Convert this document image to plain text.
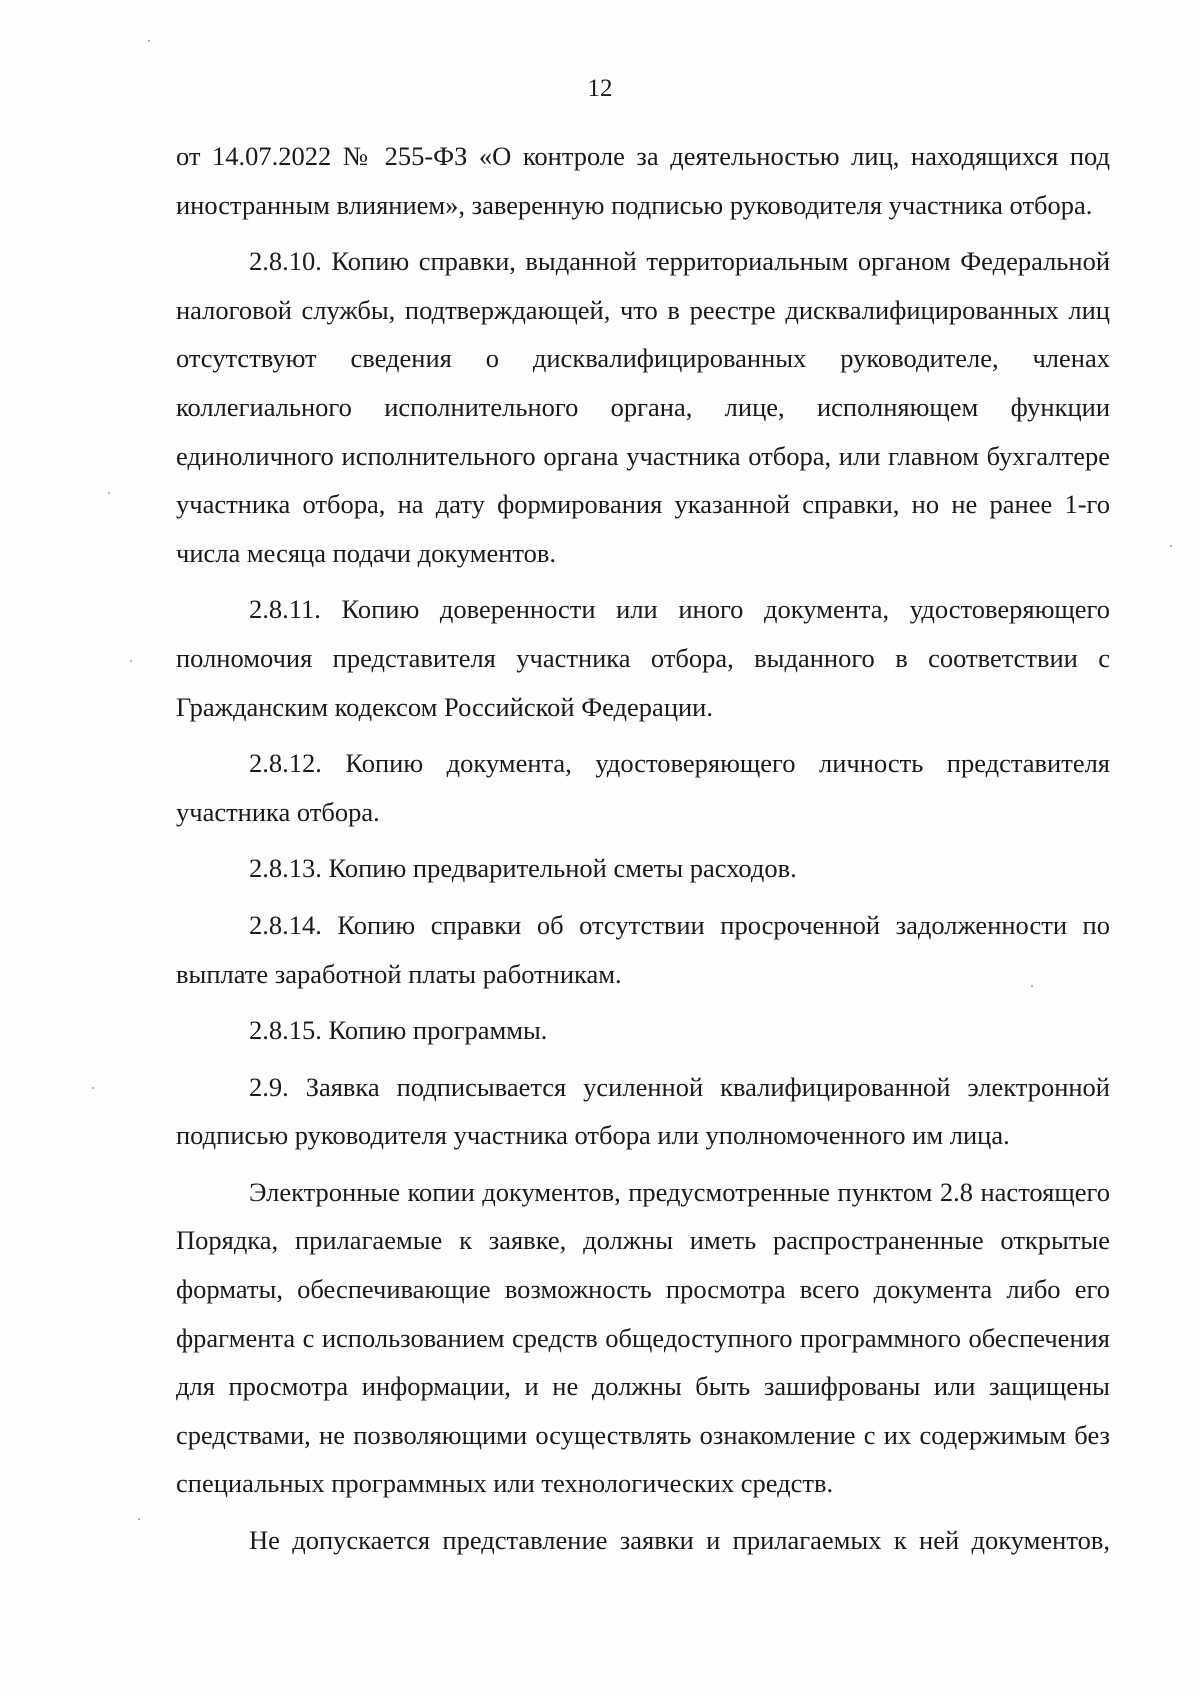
12

от 14.07.2022 № 255-ФЗ «О контроле за деятельностью лиц, находящихся под иностранным влиянием», заверенную подписью руководителя участника отбора.

2.8.10. Копию справки, выданной территориальным органом Федеральной налоговой службы, подтверждающей, что в реестре дисквалифицированных лиц отсутствуют сведения о дисквалифицированных руководителе, членах коллегиального исполнительного органа, лице, исполняющем функции единоличного исполнительного органа участника отбора, или главном бухгалтере участника отбора, на дату формирования указанной справки, но не ранее 1-го числа месяца подачи документов.

2.8.11. Копию доверенности или иного документа, удостоверяющего полномочия представителя участника отбора, выданного в соответствии с Гражданским кодексом Российской Федерации.

2.8.12. Копию документа, удостоверяющего личность представителя участника отбора.

2.8.13. Копию предварительной сметы расходов.

2.8.14. Копию справки об отсутствии просроченной задолженности по выплате заработной платы работникам.

2.8.15. Копию программы.

2.9. Заявка подписывается усиленной квалифицированной электронной подписью руководителя участника отбора или уполномоченного им лица.

Электронные копии документов, предусмотренные пунктом 2.8 настоящего Порядка, прилагаемые к заявке, должны иметь распространенные открытые форматы, обеспечивающие возможность просмотра всего документа либо его фрагмента с использованием средств общедоступного программного обеспечения для просмотра информации, и не должны быть зашифрованы или защищены средствами, не позволяющими осуществлять ознакомление с их содержимым без специальных программных или технологических средств.

Не допускается представление заявки и прилагаемых к ней документов,
